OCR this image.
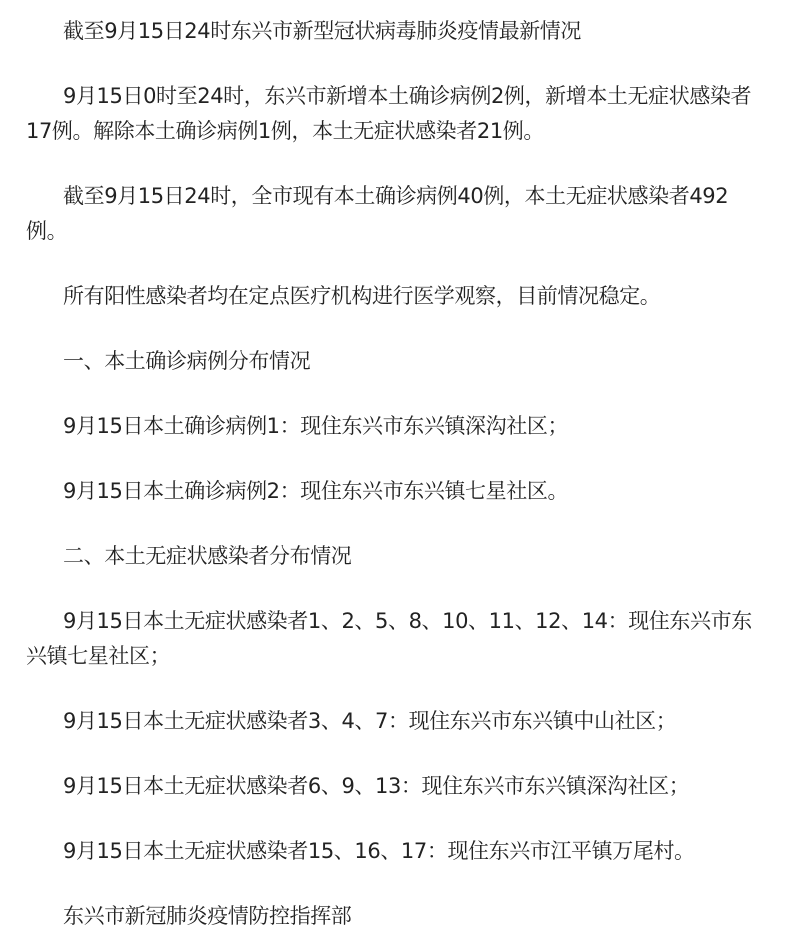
截至9月15日24时东兴市新型冠状病毒肺炎疫情最新情况

9月15日0时至24时，东兴市新增本土确诊病例2例，新增本土无症状感染者17例。解除本土确诊病例1例，本土无症状感染者21例。

截至9月15日24时，全市现有本土确诊病例40例，本土无症状感染者492例。

所有阳性感染者均在定点医疗机构进行医学观察，目前情况稳定。

一、本土确诊病例分布情况

9月15日本土确诊病例1：现住东兴市东兴镇深沟社区；

9月15日本土确诊病例2：现住东兴市东兴镇七星社区。

二、本土无症状感染者分布情况

9月15日本土无症状感染者1、2、5、8、10、11、12、14：现住东兴市东兴镇七星社区；

9月15日本土无症状感染者3、4、7：现住东兴市东兴镇中山社区；

9月15日本土无症状感染者6、9、13：现住东兴市东兴镇深沟社区；

9月15日本土无症状感染者15、16、17：现住东兴市江平镇万尾村。

东兴市新冠肺炎疫情防控指挥部
